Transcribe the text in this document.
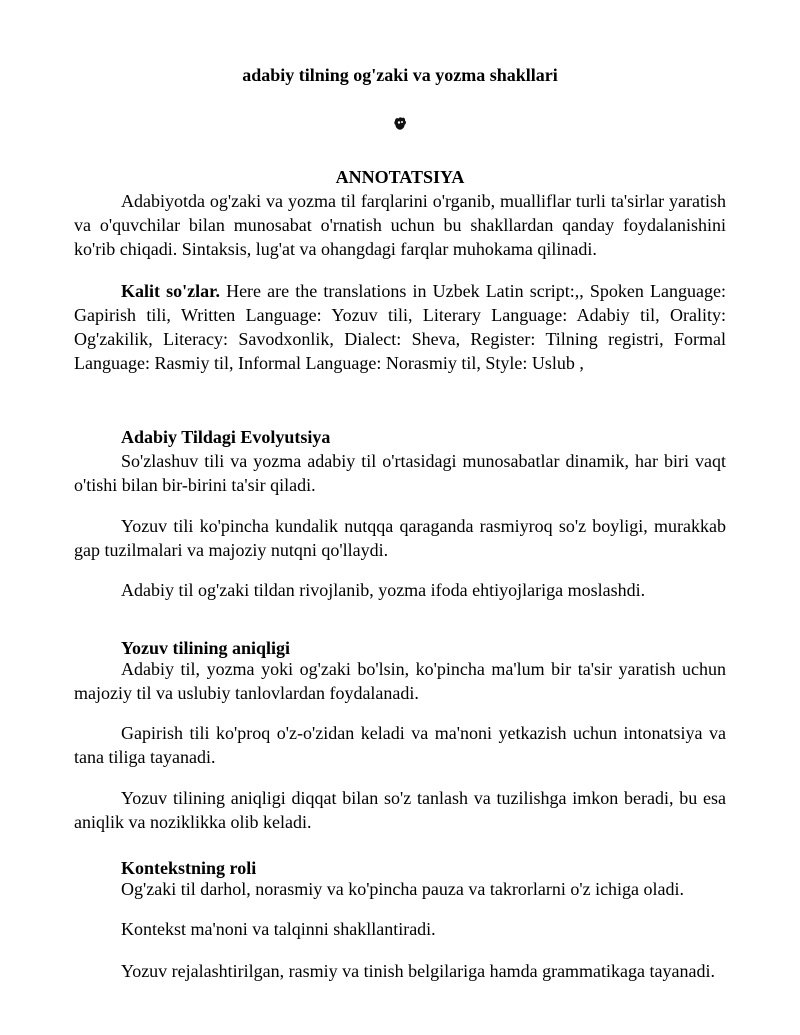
adabiy tilning og'zaki va yozma shakllari
ANNOTATSIYA

Adabiyotda og'zaki va yozma til farqlarini o'rganib, mualliflar turli ta'sirlar yaratish va o'quvchilar bilan munosabat o'rnatish uchun bu shakllardan qanday foydalanishini ko'rib chiqadi. Sintaksis, lug'at va ohangdagi farqlar muhokama qilinadi.

Kalit so'zlar. Here are the translations in Uzbek Latin script:,, Spoken Language: Gapirish tili, Written Language: Yozuv tili, Literary Language: Adabiy til, Orality: Og'zakilik, Literacy: Savodxonlik, Dialect: Sheva, Register: Tilning registri, Formal Language: Rasmiy til, Informal Language: Norasmiy til, Style: Uslub ,

Adabiy Tildagi Evolyutsiya

So'zlashuv tili va yozma adabiy til o'rtasidagi munosabatlar dinamik, har biri vaqt o'tishi bilan bir-birini ta'sir qiladi.

Yozuv tili ko'pincha kundalik nutqqa qaraganda rasmiyroq so'z boyligi, murakkab gap tuzilmalari va majoziy nutqni qo'llaydi.

Adabiy til og'zaki tildan rivojlanib, yozma ifoda ehtiyojlariga moslashdi.

Yozuv tilining aniqligi

Adabiy til, yozma yoki og'zaki bo'lsin, ko'pincha ma'lum bir ta'sir yaratish uchun majoziy til va uslubiy tanlovlardan foydalanadi.

Gapirish tili ko'proq o'z-o'zidan keladi va ma'noni yetkazish uchun intonatsiya va tana tiliga tayanadi.

Yozuv tilining aniqligi diqqat bilan so'z tanlash va tuzilishga imkon beradi, bu esa aniqlik va noziklikka olib keladi.

Kontekstning roli

Og'zaki til darhol, norasmiy va ko'pincha pauza va takrorlarni o'z ichiga oladi.

Kontekst ma'noni va talqinni shakllantiradi.

Yozuv rejalashtirilgan, rasmiy va tinish belgilariga hamda grammatikaga tayanadi.
